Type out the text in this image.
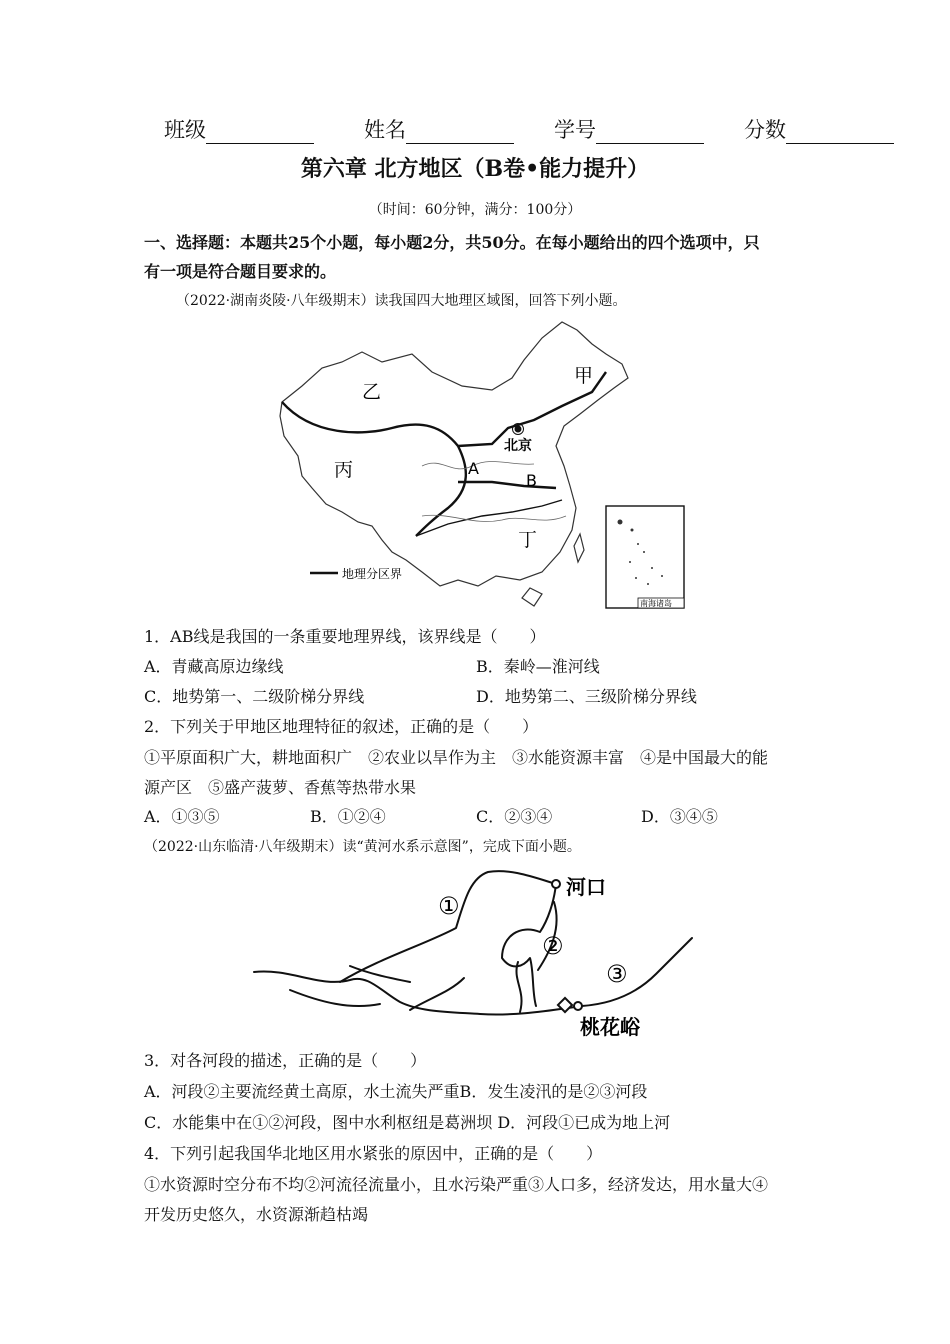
班级	姓名	学号	分数
第六章 北方地区（B卷•能力提升）
（时间：60分钟，满分：100分）
一、选择题：本题共25个小题，每小题2分，共50分。在每小题给出的四个选项中，只
有一项是符合题目要求的。
（2022·湖南炎陵·八年级期末）读我国四大地理区域图，回答下列小题。
甲
乙
丙
丁
北京
A
B
地理分区界
南海诸岛
1．AB线是我国的一条重要地理界线，该界线是（　　）
A．青藏高原边缘线	B．秦岭—淮河线
C．地势第一、二级阶梯分界线	D．地势第二、三级阶梯分界线
2．下列关于甲地区地理特征的叙述，正确的是（　　）
①平原面积广大，耕地面积广　②农业以旱作为主　③水能资源丰富　④是中国最大的能
源产区　⑤盛产菠萝、香蕉等热带水果
A．①③⑤	B．①②④	C．②③④	D．③④⑤
（2022·山东临清·八年级期末）读“黄河水系示意图”，完成下面小题。
①
②
③
河口
桃花峪
3．对各河段的描述，正确的是（　　）
A．河段②主要流经黄土高原，水土流失严重B．发生凌汛的是②③河段
C．水能集中在①②河段，图中水利枢纽是葛洲坝 D．河段①已成为地上河
4．下列引起我国华北地区用水紧张的原因中，正确的是（　　）
①水资源时空分布不均②河流径流量小，且水污染严重③人口多，经济发达，用水量大④
开发历史悠久，水资源渐趋枯竭
